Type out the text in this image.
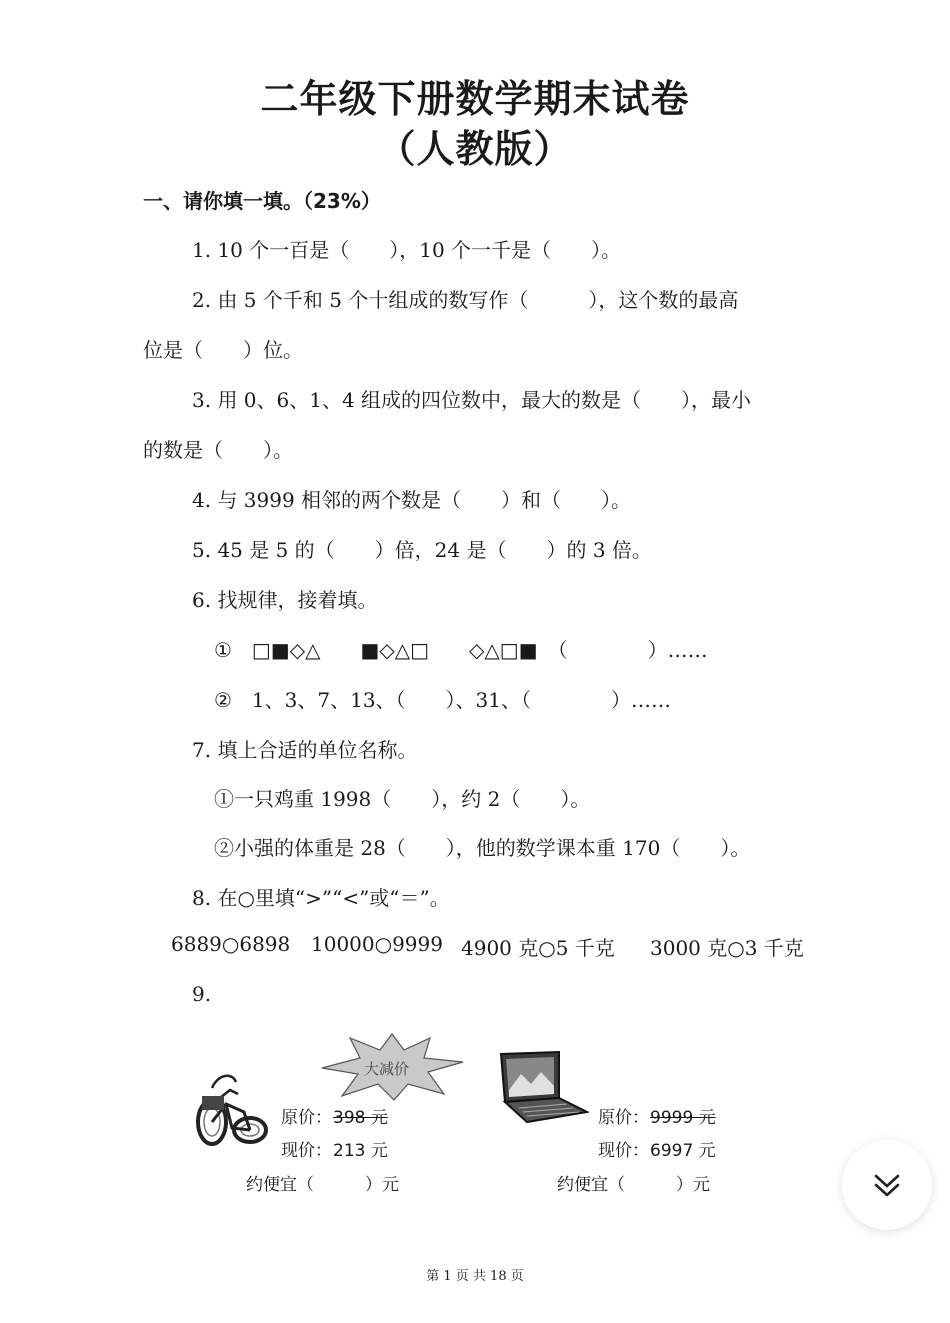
二年级下册数学期末试卷
（人教版）
一、请你填一填。（23%）
1. 10 个一百是（　　），10 个一千是（　　）。
2. 由 5 个千和 5 个十组成的数写作（　　　），这个数的最高
位是（　　）位。
3. 用 0、6、1、4 组成的四位数中，最大的数是（　　），最小
的数是（　　）。
4. 与 3999 相邻的两个数是（　　）和（　　）。
5. 45 是 5 的（　　）倍，24 是（　　）的 3 倍。
6. 找规律，接着填。
①　□■◇△　　■◇△□　　◇△□■　（　　　　）……
②　1、3、7、13、（　　）、31、（　　　　）……
7. 填上合适的单位名称。
①一只鸡重 1998（　　），约 2（　　）。
②小强的体重是 28（　　），他的数学课本重 170（　　）。
8. 在○里填“>”“<”或“＝”。
6889○6898 10000○9999 4900 克○5 千克 3000 克○3 千克
9.
大减价
原价： 398 元
现价： 213 元
约便宜（　　　）元
原价： 9999 元
现价： 6997 元
约便宜（　　　）元
第 1 页 共 18 页
